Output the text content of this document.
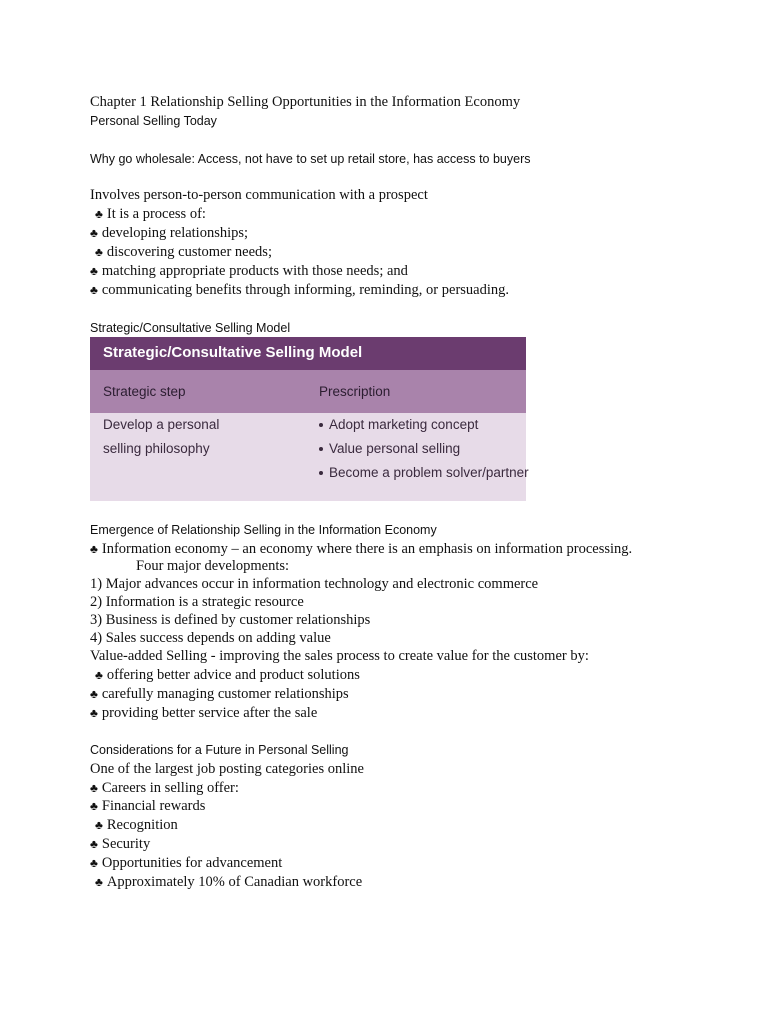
Chapter 1 Relationship Selling Opportunities in the Information Economy
Personal Selling Today
Why go wholesale: Access, not have to set up retail store, has access to buyers
Involves person-to-person communication with a prospect
♣ It is a process of:
♣ developing relationships;
♣ discovering customer needs;
♣ matching appropriate products with those needs; and
♣ communicating benefits through informing, reminding, or persuading.
Strategic/Consultative Selling Model
Strategic/Consultative Selling Model
Strategic step	Prescription
Develop a personal
selling philosophy
Adopt marketing concept
Value personal selling
Become a problem solver/partner
Emergence of Relationship Selling in the Information Economy
♣ Information economy – an economy where there is an emphasis on information processing.
Four major developments:
1) Major advances occur in information technology and electronic commerce
2) Information is a strategic resource
3) Business is defined by customer relationships
4) Sales success depends on adding value
Value-added Selling - improving the sales process to create value for the customer by:
♣ offering better advice and product solutions
♣ carefully managing customer relationships
♣ providing better service after the sale
Considerations for a Future in Personal Selling
One of the largest job posting categories online
♣ Careers in selling offer:
♣ Financial rewards
♣ Recognition
♣ Security
♣ Opportunities for advancement
♣ Approximately 10% of Canadian workforce
